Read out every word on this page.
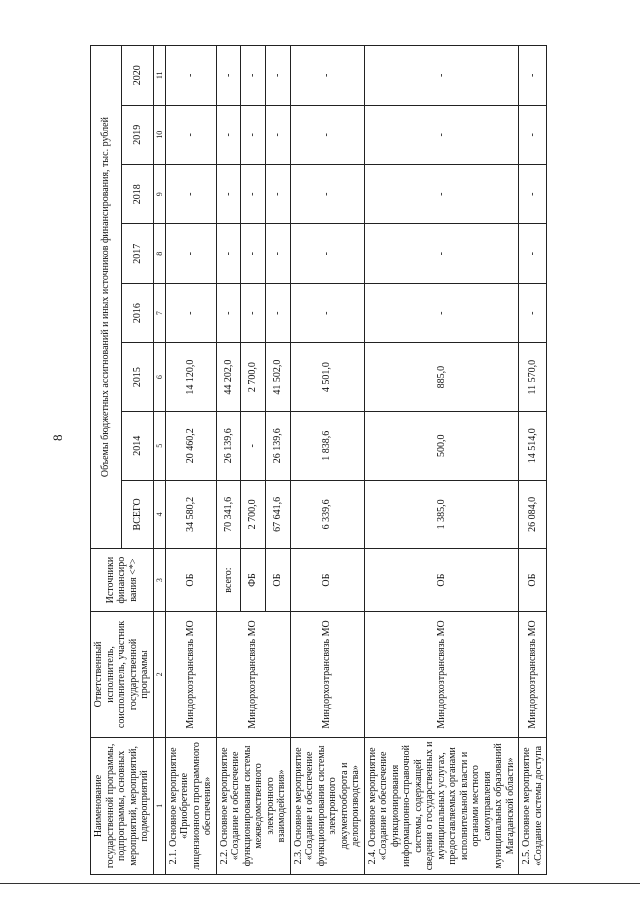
8
Наименование государственной программы, подпрограммы, основных мероприятий, мероприятий, подмероприятий	Ответственный исполнитель, соисполнитель, участник государственной программы	Источники финансиро вания <*>	Объемы бюджетных ассигнований и иных источников финансирования, тыс. рублей							
			ВСЕГО	2014	2015	2016	2017	2018	2019	2020
1	2	3	4	5	6	7	8	9	10	11
2.1. Основное мероприятие «Приобретение лицензионного программного обеспечения»	Миндорхозтрансвязь МО	ОБ	34 580,2	20 460,2	14 120,0	-	-	-	-	-
2.2. Основное мероприятие «Создание и обеспечение функционирования системы межведомственного электронного взаимодействия»	Миндорхозтрансвязь МО	всего:	70 341,6	26 139,6	44 202,0	-	-	-	-	-
		ФБ	2 700,0	-	2 700,0	-	-	-	-	-
		ОБ	67 641,6	26 139,6	41 502,0	-	-	-	-	-
2.3. Основное мероприятие «Создание и обеспечение функционирования системы электронного документооборота и делопроизводства»	Миндорхозтрансвязь МО	ОБ	6 339,6	1 838,6	4 501,0	-	-	-	-	-
2.4. Основное мероприятие «Создание и обеспечение функционирования информационно-справочной системы, содержащей сведения о государственных и муниципальных услугах, предоставляемых органами исполнительной власти и органами местного самоуправления муниципальных образований Магаданской области»	Миндорхозтрансвязь МО	ОБ	1 385,0	500,0	885,0	-	-	-	-	-
2.5. Основное мероприятие «Создание системы доступа	Миндорхозтрансвязь МО	ОБ	26 084,0	14 514,0	11 570,0	-	-	-	-	-
